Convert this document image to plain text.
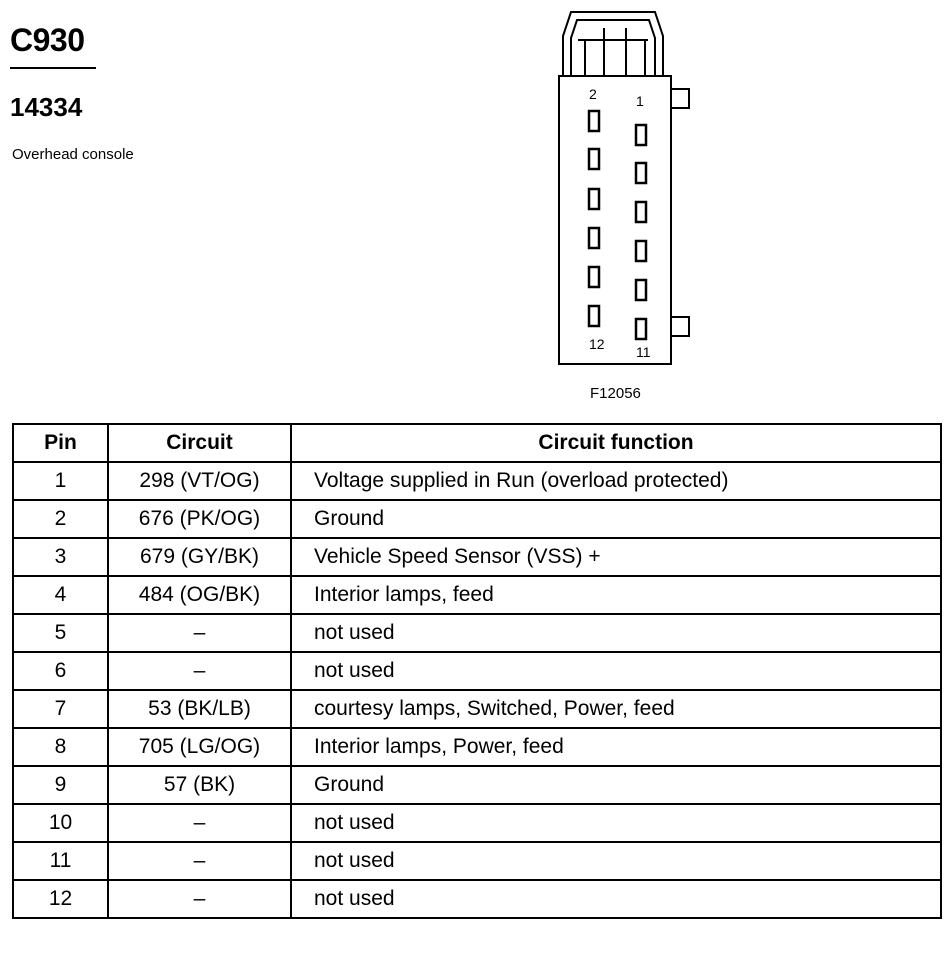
C930
14334
Overhead console
2	1
12 11
F12056
Pin	Circuit	Circuit function
1	298 (VT/OG)	Voltage supplied in Run (overload protected)
2	676 (PK/OG)	Ground
3	679 (GY/BK)	Vehicle Speed Sensor (VSS) +
4	484 (OG/BK)	Interior lamps, feed
5	–	not used
6	–	not used
7	53 (BK/LB)	courtesy lamps, Switched, Power, feed
8	705 (LG/OG)	Interior lamps, Power, feed
9	57 (BK)	Ground
10	–	not used
11	–	not used
12	–	not used
